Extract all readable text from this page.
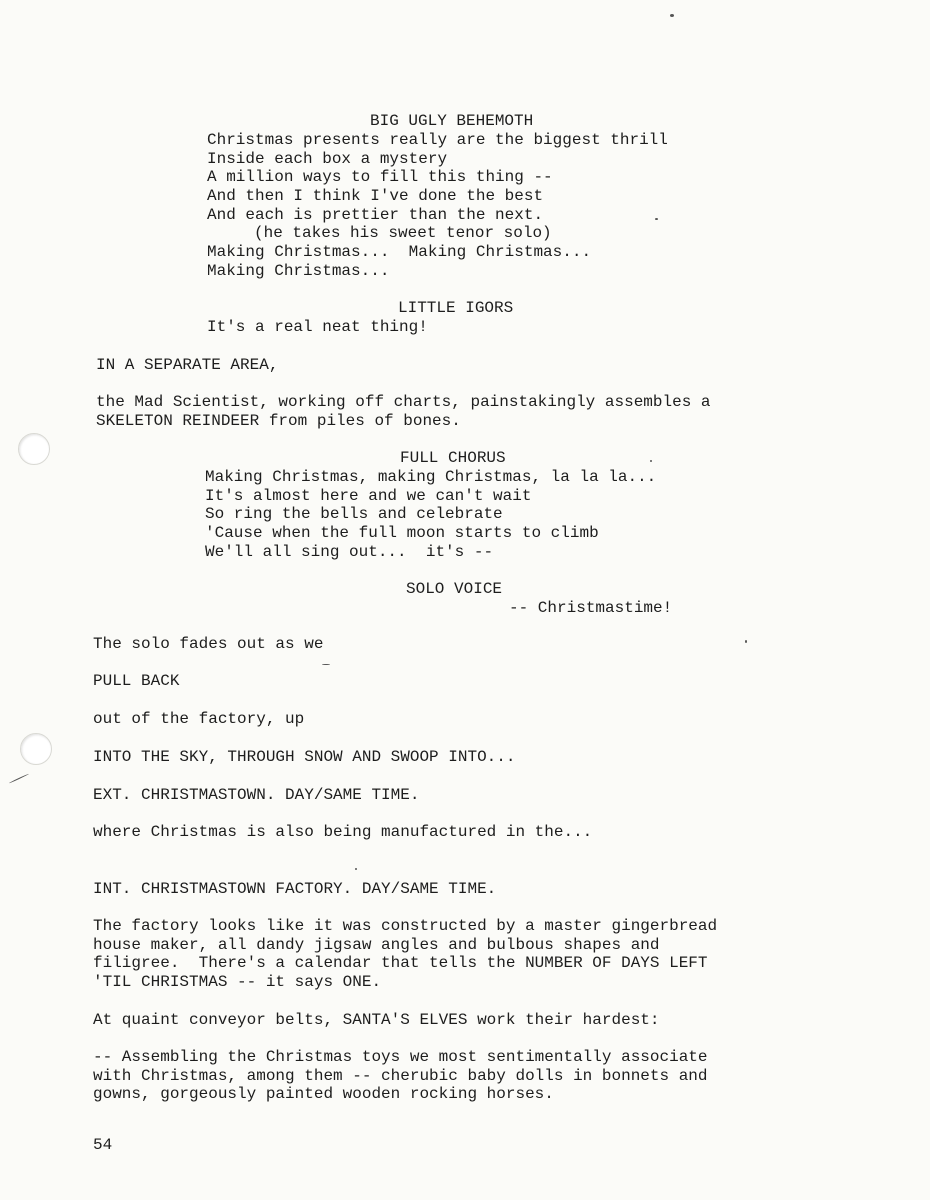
BIG UGLY BEHEMOTH
Christmas presents really are the biggest thrill
Inside each box a mystery
A million ways to fill this thing --
And then I think I've done the best
And each is prettier than the next.
(he takes his sweet tenor solo)
Making Christmas...  Making Christmas...
Making Christmas...
LITTLE IGORS
It's a real neat thing!
IN A SEPARATE AREA,
the Mad Scientist, working off charts, painstakingly assembles a
SKELETON REINDEER from piles of bones.
FULL CHORUS
Making Christmas, making Christmas, la la la...
It's almost here and we can't wait
So ring the bells and celebrate
'Cause when the full moon starts to climb
We'll all sing out...  it's --
SOLO VOICE
-- Christmastime!
The solo fades out as we
PULL BACK
out of the factory, up
INTO THE SKY, THROUGH SNOW AND SWOOP INTO...
EXT. CHRISTMASTOWN. DAY/SAME TIME.
where Christmas is also being manufactured in the...
INT. CHRISTMASTOWN FACTORY. DAY/SAME TIME.
The factory looks like it was constructed by a master gingerbread
house maker, all dandy jigsaw angles and bulbous shapes and
filigree.  There's a calendar that tells the NUMBER OF DAYS LEFT
'TIL CHRISTMAS -- it says ONE.
At quaint conveyor belts, SANTA'S ELVES work their hardest:
-- Assembling the Christmas toys we most sentimentally associate
with Christmas, among them -- cherubic baby dolls in bonnets and
gowns, gorgeously painted wooden rocking horses.
54
